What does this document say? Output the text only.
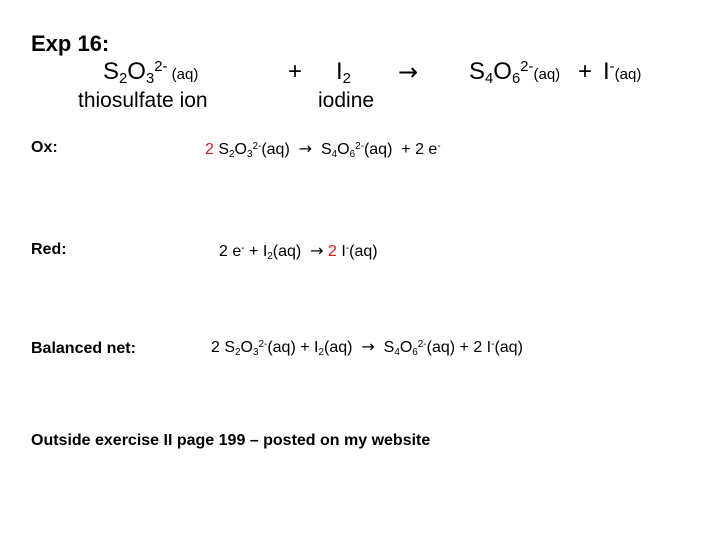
Exp 16:
$S_2O_3^{2-}$ (aq)	+ $I_2 \to S_4O_6^{2-}(aq) + I^-(aq)$
thiosulfate ion	iodine
Ox:	2 $S_2O_3^{2-}(aq) \to S_4O_6^{2-}(aq) + 2$ e-
Red:	2 $e^- + I_2(aq) \to 2$ I-(aq)
Balanced net:	2 $S_2O_3^{2-}(aq) + I_2(aq) \to S_4O_6^{2-}(aq) + 2$ I-(aq)
Outside exercise II page 199 – posted on my website
